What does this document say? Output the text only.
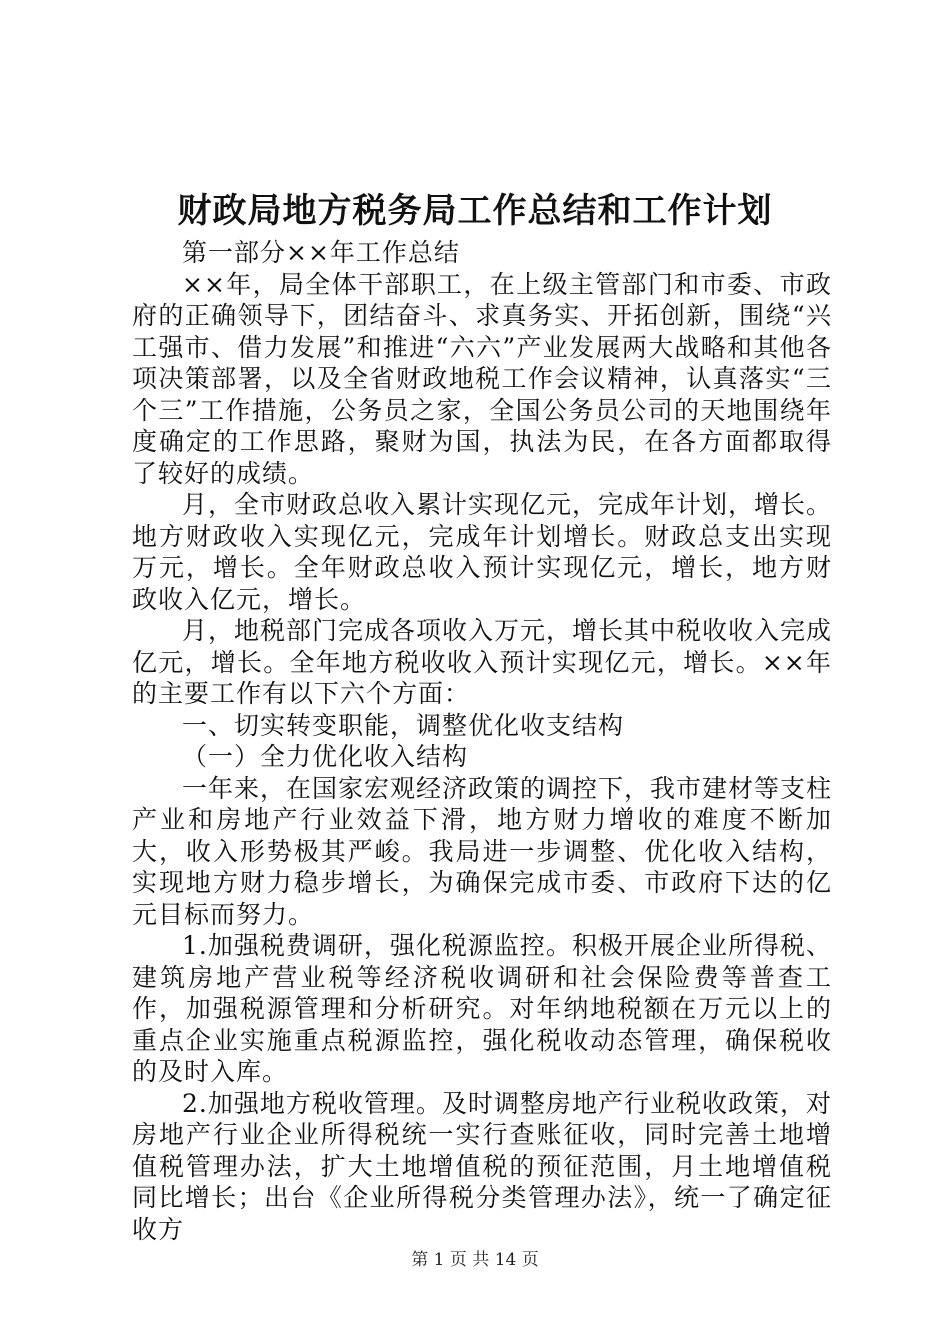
财政局地方税务局工作总结和工作计划

第一部分××年工作总结

××年，局全体干部职工，在上级主管部门和市委、市政府的正确领导下，团结奋斗、求真务实、开拓创新，围绕“兴工强市、借力发展”和推进“六六”产业发展两大战略和其他各项决策部署，以及全省财政地税工作会议精神，认真落实“三个三”工作措施，公务员之家，全国公务员公司的天地围绕年度确定的工作思路，聚财为国，执法为民，在各方面都取得了较好的成绩。

月，全市财政总收入累计实现亿元，完成年计划，增长。地方财政收入实现亿元，完成年计划增长。财政总支出实现万元，增长。全年财政总收入预计实现亿元，增长，地方财政收入亿元，增长。

月，地税部门完成各项收入万元，增长其中税收收入完成亿元，增长。全年地方税收收入预计实现亿元，增长。××年的主要工作有以下六个方面：

一、切实转变职能，调整优化收支结构

（一）全力优化收入结构

一年来，在国家宏观经济政策的调控下，我市建材等支柱产业和房地产行业效益下滑，地方财力增收的难度不断加大，收入形势极其严峻。我局进一步调整、优化收入结构，实现地方财力稳步增长，为确保完成市委、市政府下达的亿元目标而努力。

1.加强税费调研，强化税源监控。积极开展企业所得税、建筑房地产营业税等经济税收调研和社会保险费等普查工作，加强税源管理和分析研究。对年纳地税额在万元以上的重点企业实施重点税源监控，强化税收动态管理，确保税收的及时入库。

2.加强地方税收管理。及时调整房地产行业税收政策，对房地产行业企业所得税统一实行查账征收，同时完善土地增值税管理办法，扩大土地增值税的预征范围，月土地增值税同比增长；出台《企业所得税分类管理办法》，统一了确定征收方

第 1 页 共 14 页
